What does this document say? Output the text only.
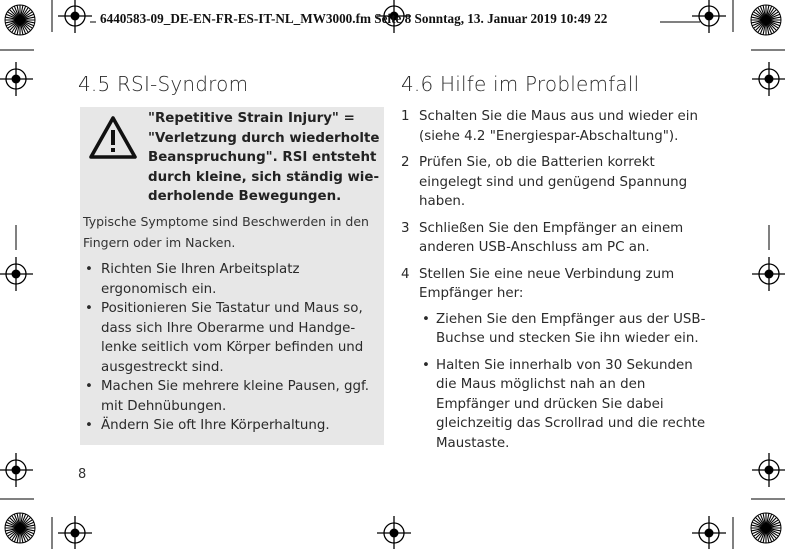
6440583-09_DE-EN-FR-ES-IT-NL_MW3000.fm Seite 8 Sonntag, 13. Januar 2019 10:49 22
4.5 RSI-Syndrom	4.6 Hilfe im Problemfall
"Repetitive Strain Injury" = "Verletzung durch wiederholte Beanspruchung". RSI entsteht durch kleine, sich ständig wie-derholende Bewegungen.
Typische Symptome sind Beschwerden in den Fingern oder im Nacken.
• Richten Sie Ihren Arbeitsplatz ergonomisch ein.
• Positionieren Sie Tastatur und Maus so, dass sich Ihre Oberarme und Handge-lenke seitlich vom Körper befinden und ausgestreckt sind.
• Machen Sie mehrere kleine Pausen, ggf. mit Dehnübungen.
• Ändern Sie oft Ihre Körperhaltung.
1 Schalten Sie die Maus aus und wieder ein (siehe 4.2 "Energiespar-Abschaltung").
2 Prüfen Sie, ob die Batterien korrekt eingelegt sind und genügend Spannung haben.
3 Schließen Sie den Empfänger an einem anderen USB-Anschluss am PC an.
4 Stellen Sie eine neue Verbindung zum Empfänger her:
• Ziehen Sie den Empfänger aus der USB-Buchse und stecken Sie ihn wieder ein.
• Halten Sie innerhalb von 30 Sekunden die Maus möglichst nah an den Empfänger und drücken Sie dabei gleichzeitig das Scrollrad und die rechte Maustaste.
8
